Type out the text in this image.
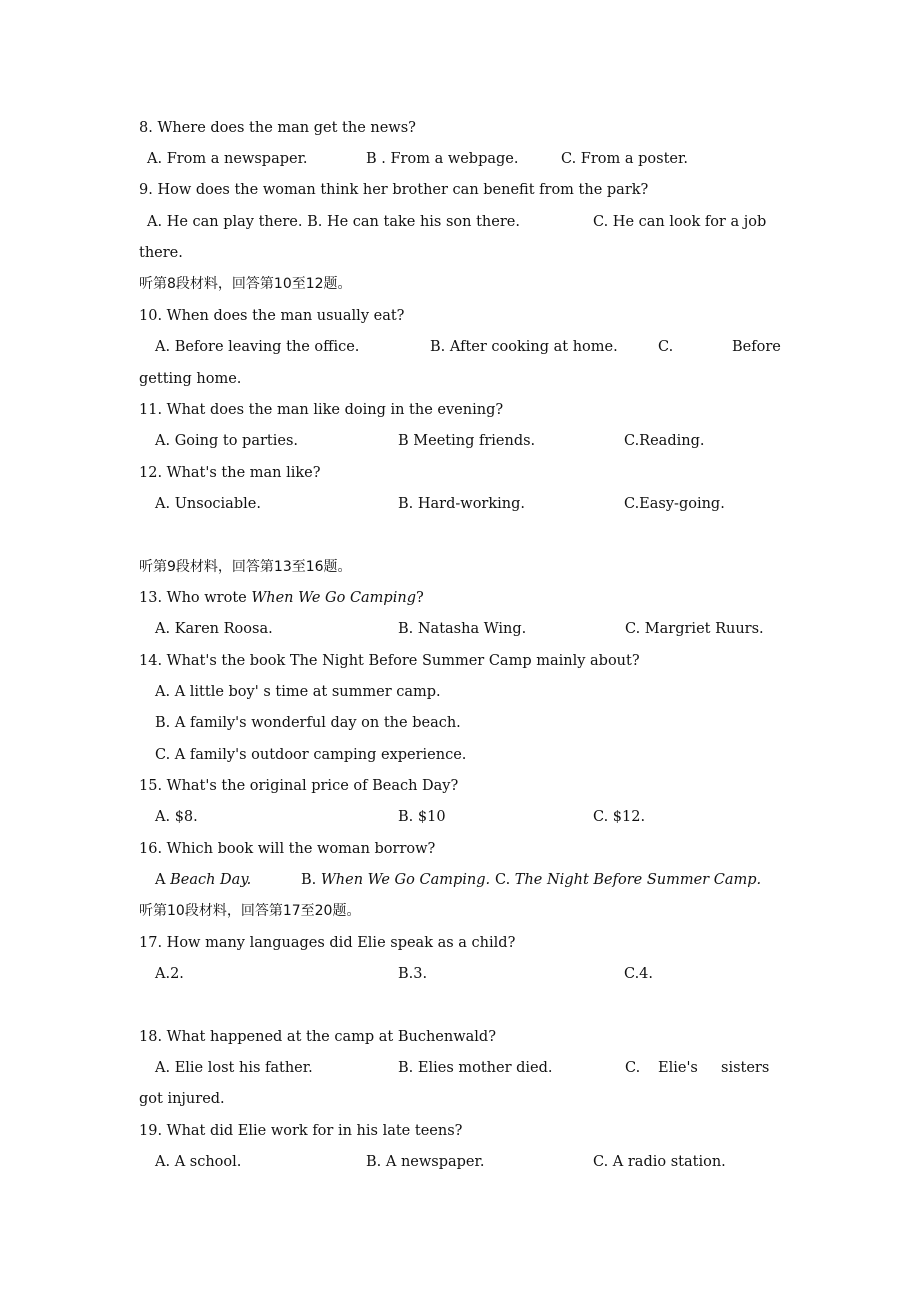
8. Where does the man get the news?
A. From a newspaper.	B . From a webpage.	C. From a poster.
9. How does the woman think her brother can benefit from the park?
A. He can play there. B. He can take his son there.	C. He can look for a job
there.
听第8段材料，回答第10至12题。
10. When does the man usually eat?
A. Before leaving the office.	B. After cooking at home.	C.	Before
getting home.
11. What does the man like doing in the evening?
A. Going to parties.	B Meeting friends.	C.Reading.
12. What's the man like?
A. Unsociable.	B. Hard-working.	C.Easy-going.
听第9段材料，回答第13至16题。
13. Who wrote When We Go Camping?
A. Karen Roosa.	B. Natasha Wing.	C. Margriet Ruurs.
14. What's the book The Night Before Summer Camp mainly about?
A. A little boy' s time at summer camp.
B. A family's wonderful day on the beach.
C. A family's outdoor camping experience.
15. What's the original price of Beach Day?
A. $8.	B. $10	C. $12.
16. Which book will the woman borrow?
A Beach Day.	B. When We Go Camping. C. The Night Before Summer Camp.
听第10段材料，回答第17至20题。
17. How many languages did Elie speak as a child?
A.2.	B.3.	C.4.
18. What happened at the camp at Buchenwald?
A. Elie lost his father.	B. Elies mother died.	C. Elie's sisters
got injured.
19. What did Elie work for in his late teens?
A. A school.	B. A newspaper.	C. A radio station.
